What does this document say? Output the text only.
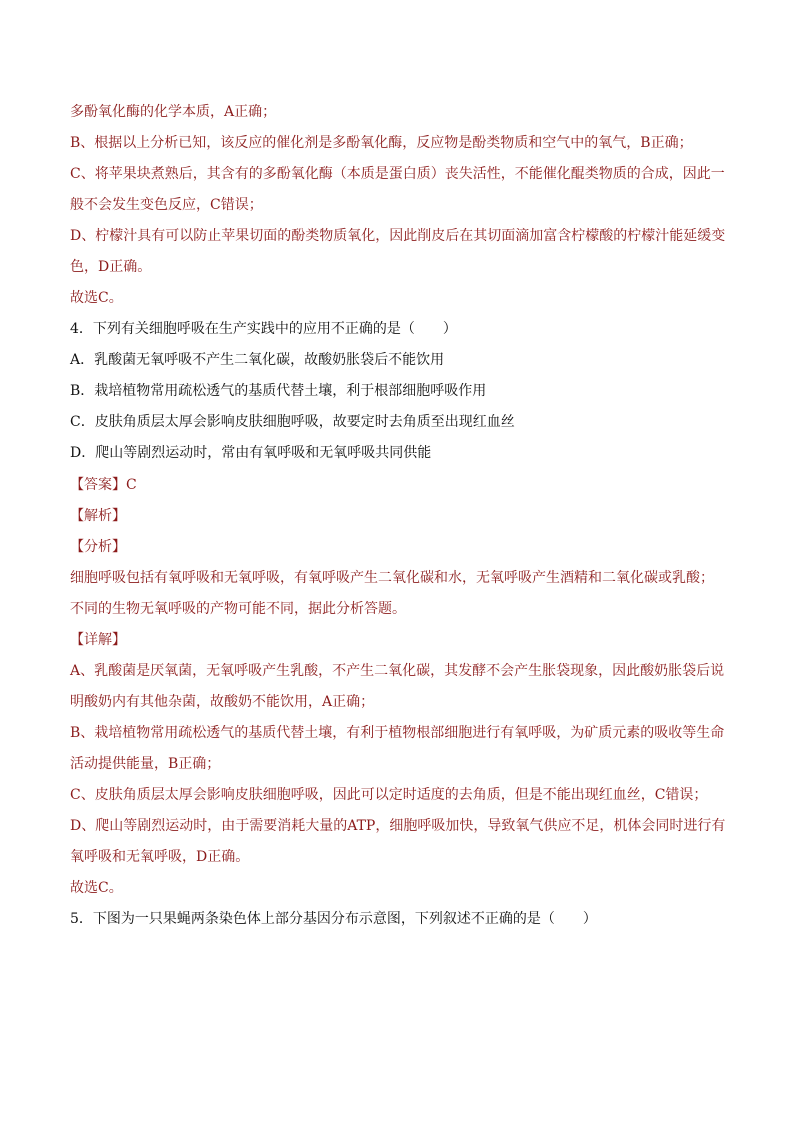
多酚氧化酶的化学本质，A正确；
B、根据以上分析已知，该反应的催化剂是多酚氧化酶，反应物是酚类物质和空气中的氧气，B正确；
C、将苹果块煮熟后，其含有的多酚氧化酶（本质是蛋白质）丧失活性，不能催化醌类物质的合成，因此一
般不会发生变色反应，C错误；
D、柠檬汁具有可以防止苹果切面的酚类物质氧化，因此削皮后在其切面滴加富含柠檬酸的柠檬汁能延缓变
色，D正确。
故选C。
4．下列有关细胞呼吸在生产实践中的应用不正确的是（　　）
A．乳酸菌无氧呼吸不产生二氧化碳，故酸奶胀袋后不能饮用
B．栽培植物常用疏松透气的基质代替土壤，利于根部细胞呼吸作用
C．皮肤角质层太厚会影响皮肤细胞呼吸，故要定时去角质至出现红血丝
D．爬山等剧烈运动时，常由有氧呼吸和无氧呼吸共同供能
【答案】C
【解析】
【分析】
细胞呼吸包括有氧呼吸和无氧呼吸，有氧呼吸产生二氧化碳和水，无氧呼吸产生酒精和二氧化碳或乳酸；
不同的生物无氧呼吸的产物可能不同，据此分析答题。
【详解】
A、乳酸菌是厌氧菌，无氧呼吸产生乳酸，不产生二氧化碳，其发酵不会产生胀袋现象，因此酸奶胀袋后说
明酸奶内有其他杂菌，故酸奶不能饮用，A正确；
B、栽培植物常用疏松透气的基质代替土壤，有利于植物根部细胞进行有氧呼吸，为矿质元素的吸收等生命
活动提供能量，B正确；
C、皮肤角质层太厚会影响皮肤细胞呼吸，因此可以定时适度的去角质，但是不能出现红血丝，C错误；
D、爬山等剧烈运动时，由于需要消耗大量的ATP，细胞呼吸加快，导致氧气供应不足，机体会同时进行有
氧呼吸和无氧呼吸，D正确。
故选C。
5．下图为一只果蝇两条染色体上部分基因分布示意图，下列叙述不正确的是（　　）
